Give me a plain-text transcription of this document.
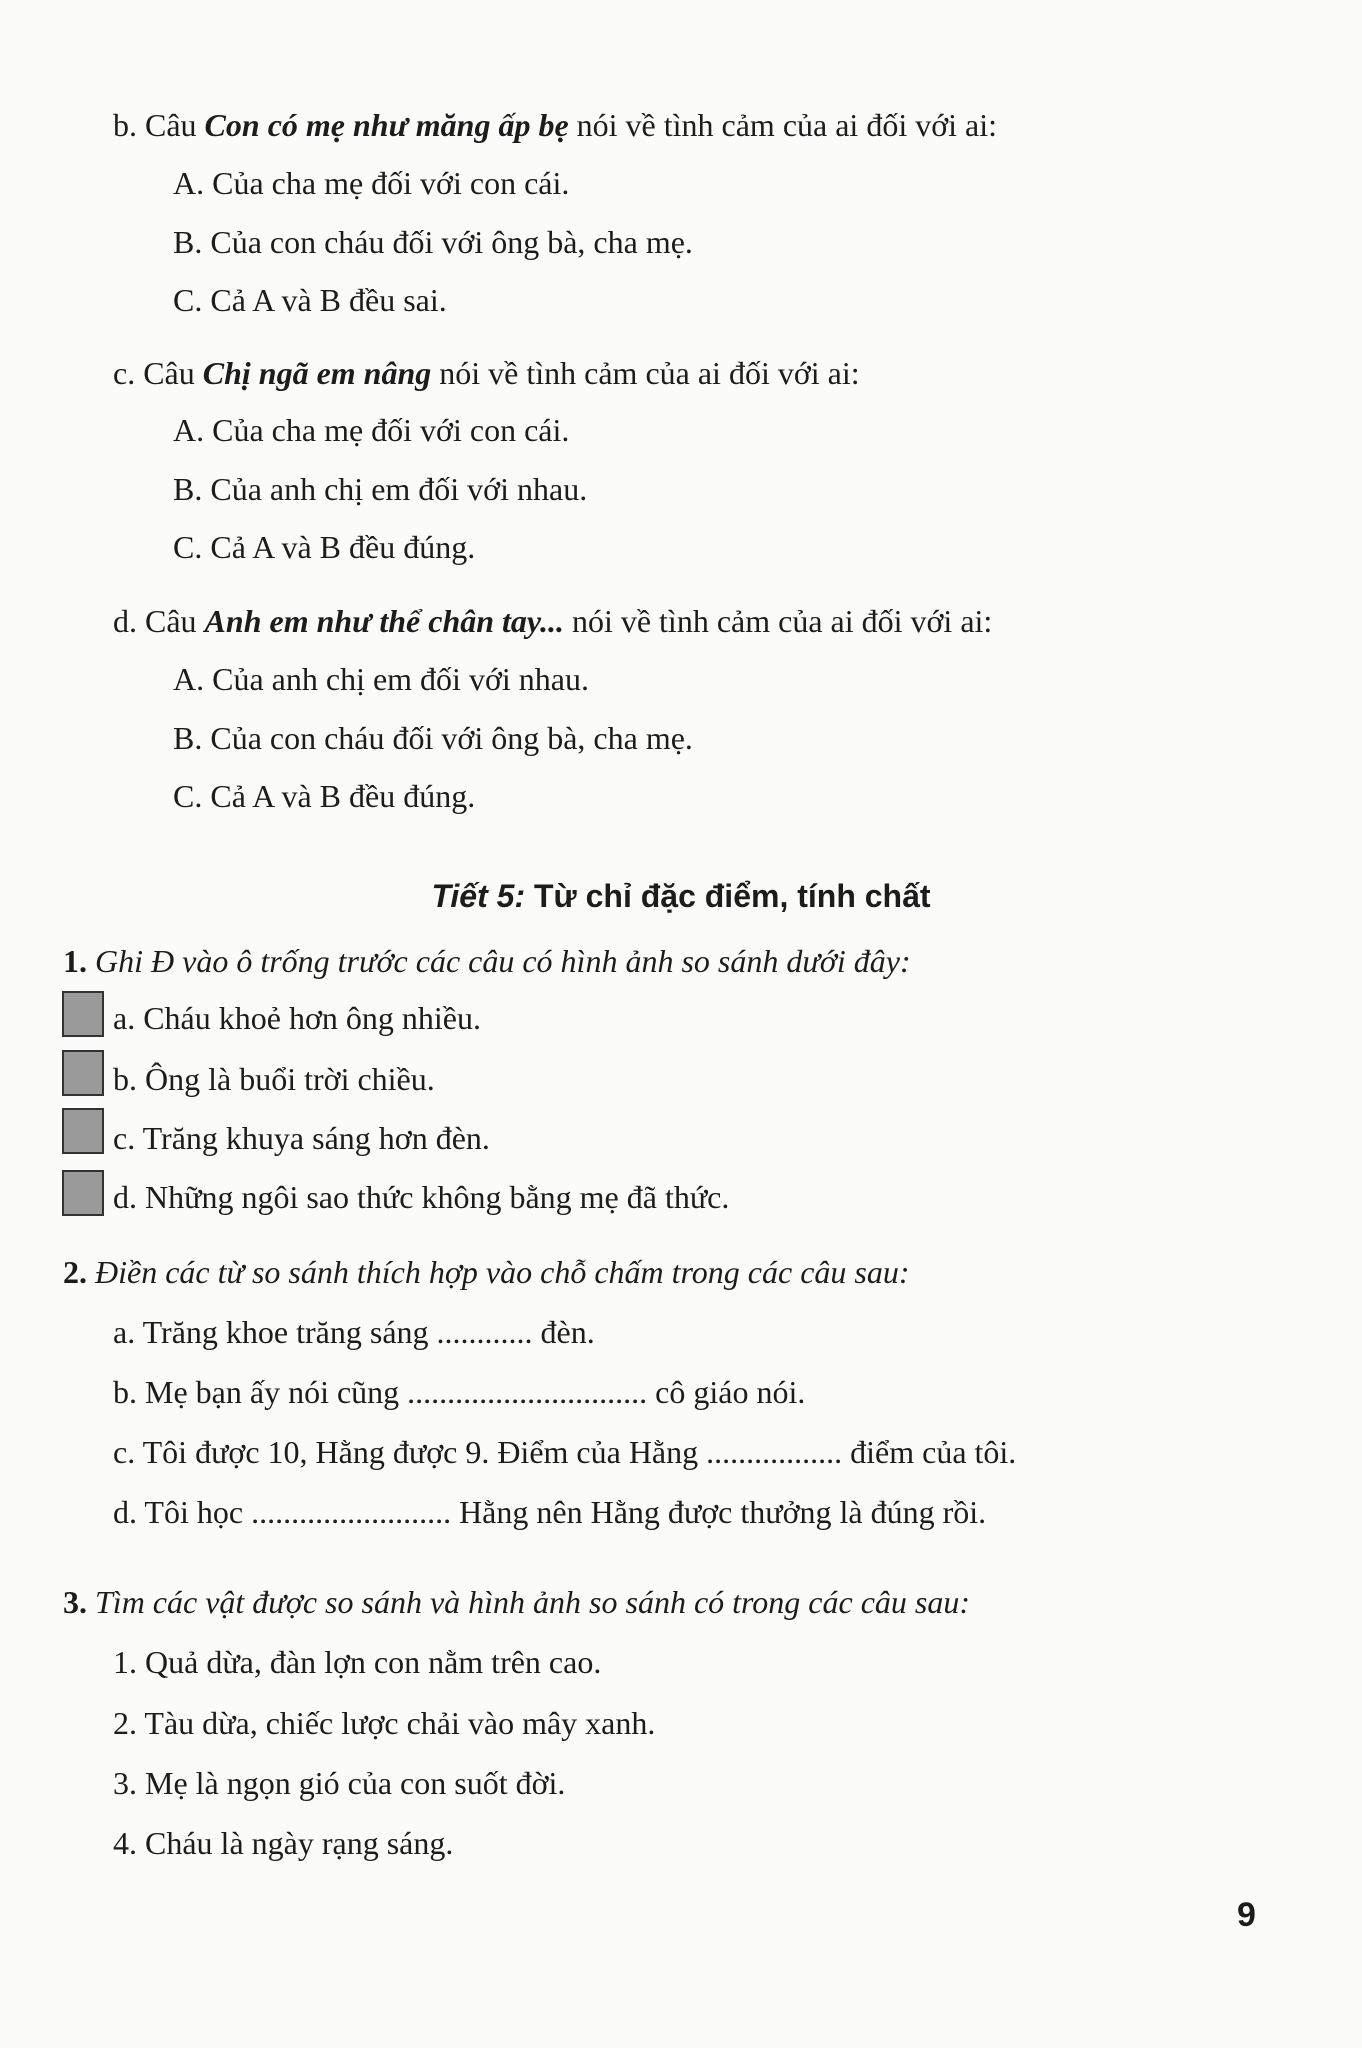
b. Câu Con có mẹ như măng ấp bẹ nói về tình cảm của ai đối với ai:
A. Của cha mẹ đối với con cái.
B. Của con cháu đối với ông bà, cha mẹ.
C. Cả A và B đều sai.
c. Câu Chị ngã em nâng nói về tình cảm của ai đối với ai:
A. Của cha mẹ đối với con cái.
B. Của anh chị em đối với nhau.
C. Cả A và B đều đúng.
d. Câu Anh em như thể chân tay... nói về tình cảm của ai đối với ai:
A. Của anh chị em đối với nhau.
B. Của con cháu đối với ông bà, cha mẹ.
C. Cả A và B đều đúng.
Tiết 5: Từ chỉ đặc điểm, tính chất
1. Ghi Đ vào ô trống trước các câu có hình ảnh so sánh dưới đây:
a. Cháu khoẻ hơn ông nhiều.
b. Ông là buổi trời chiều.
c. Trăng khuya sáng hơn đèn.
d. Những ngôi sao thức không bằng mẹ đã thức.
2. Điền các từ so sánh thích hợp vào chỗ chấm trong các câu sau:
a. Trăng khoe trăng sáng ............ đèn.
b. Mẹ bạn ấy nói cũng .............................. cô giáo nói.
c. Tôi được 10, Hằng được 9. Điểm của Hằng ................. điểm của tôi.
d. Tôi học ......................... Hằng nên Hằng được thưởng là đúng rồi.
3. Tìm các vật được so sánh và hình ảnh so sánh có trong các câu sau:
1. Quả dừa, đàn lợn con nằm trên cao.
2. Tàu dừa, chiếc lược chải vào mây xanh.
3. Mẹ là ngọn gió của con suốt đời.
4. Cháu là ngày rạng sáng.
9
